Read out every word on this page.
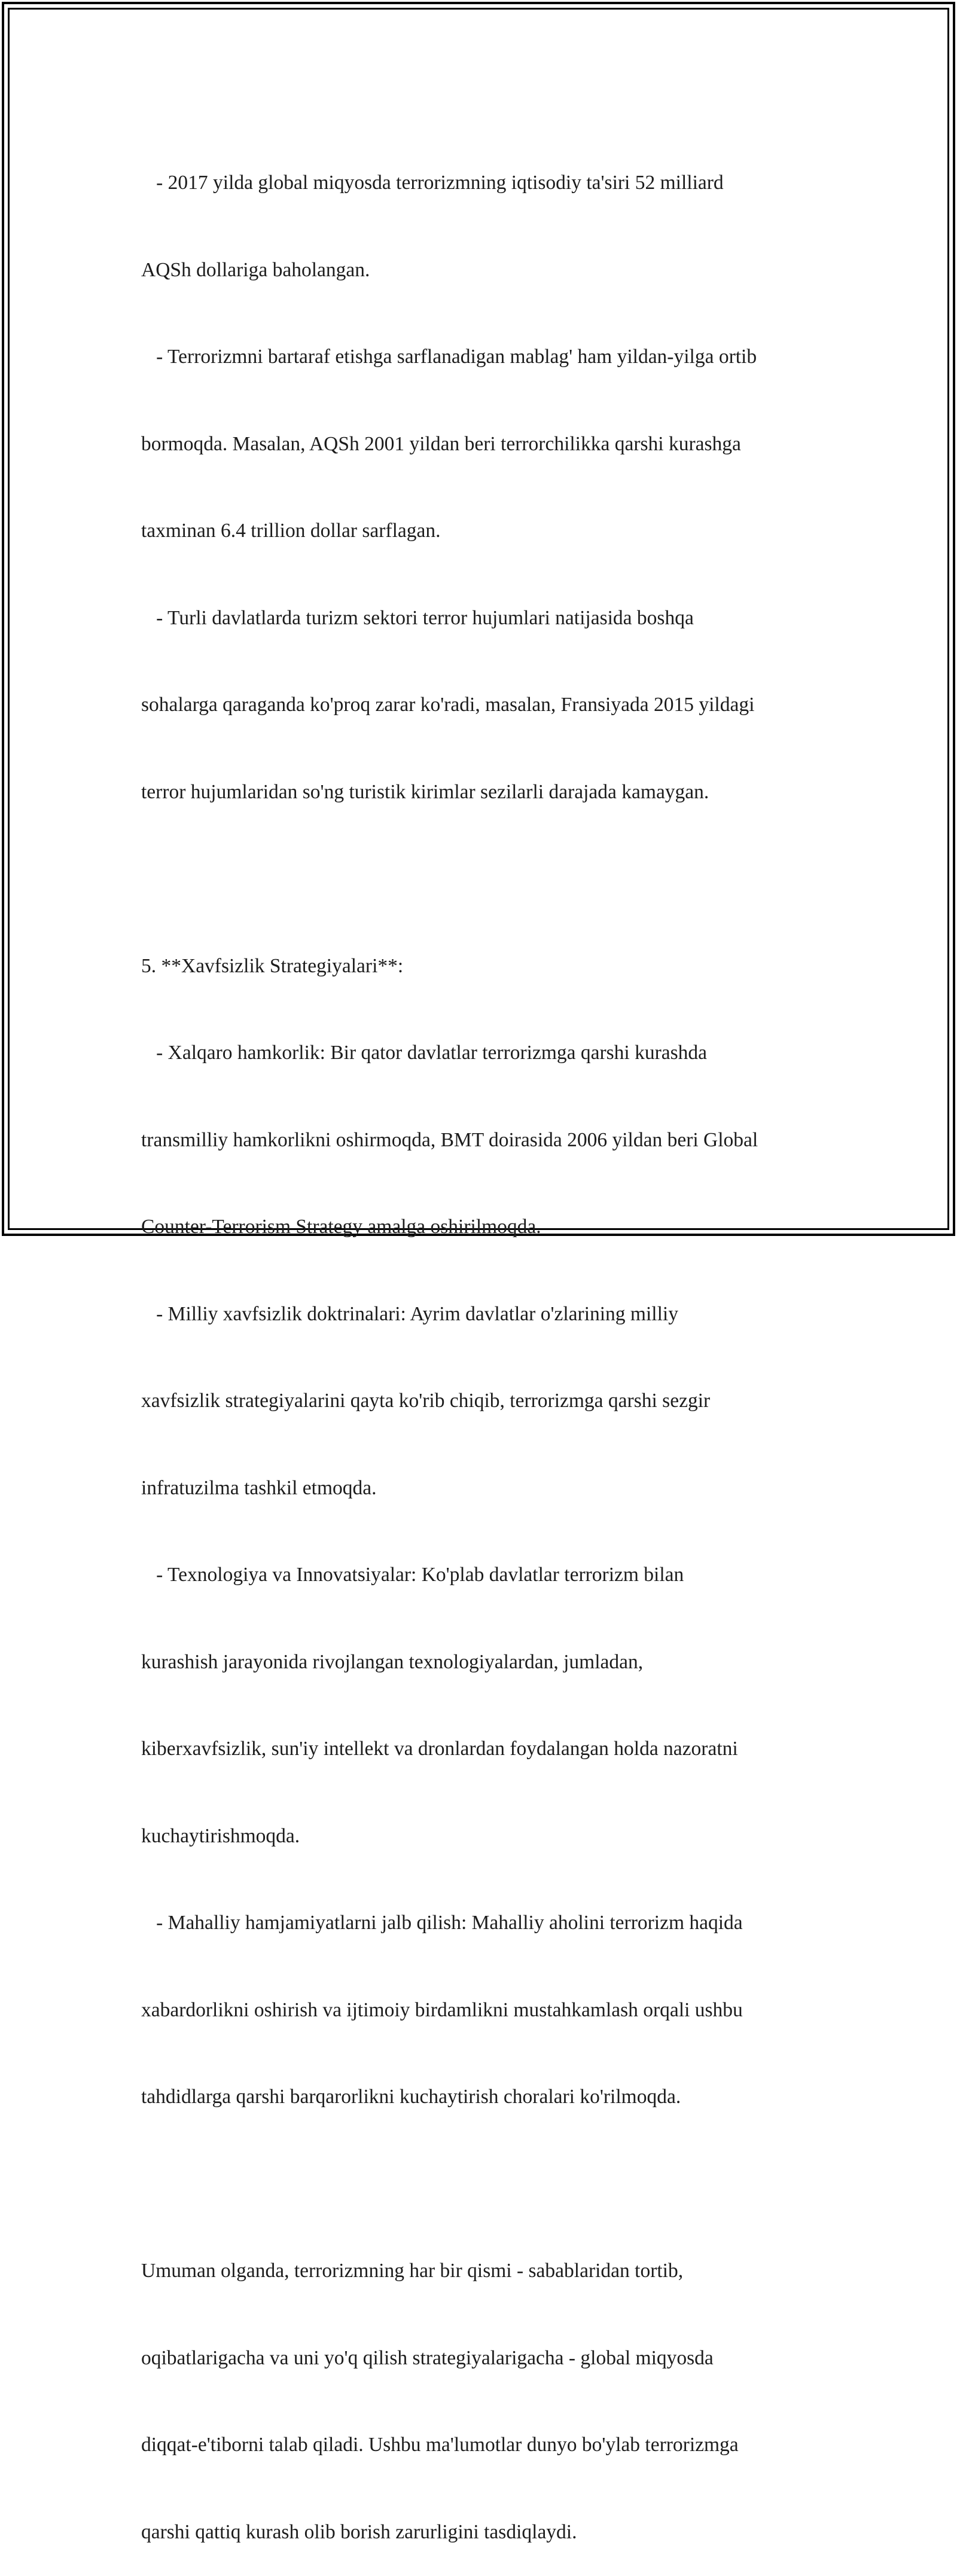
- 2017 yilda global miqyosda terrorizmning iqtisodiy ta'siri 52 milliard

AQSh dollariga baholangan.

- Terrorizmni bartaraf etishga sarflanadigan mablag' ham yildan-yilga ortib

bormoqda. Masalan, AQSh 2001 yildan beri terrorchilikka qarshi kurashga

taxminan 6.4 trillion dollar sarflagan.

- Turli davlatlarda turizm sektori terror hujumlari natijasida boshqa

sohalarga qaraganda ko'proq zarar ko'radi, masalan, Fransiyada 2015 yildagi

terror hujumlaridan so'ng turistik kirimlar sezilarli darajada kamaygan.

5. **Xavfsizlik Strategiyalari**:

- Xalqaro hamkorlik: Bir qator davlatlar terrorizmga qarshi kurashda

transmilliy hamkorlikni oshirmoqda, BMT doirasida 2006 yildan beri Global

Counter-Terrorism Strategy amalga oshirilmoqda.

- Milliy xavfsizlik doktrinalari: Ayrim davlatlar o'zlarining milliy

xavfsizlik strategiyalarini qayta ko'rib chiqib, terrorizmga qarshi sezgir

infratuzilma tashkil etmoqda.

- Texnologiya va Innovatsiyalar: Ko'plab davlatlar terrorizm bilan

kurashish jarayonida rivojlangan texnologiyalardan, jumladan,

kiberxavfsizlik, sun'iy intellekt va dronlardan foydalangan holda nazoratni

kuchaytirishmoqda.

- Mahalliy hamjamiyatlarni jalb qilish: Mahalliy aholini terrorizm haqida

xabardorlikni oshirish va ijtimoiy birdamlikni mustahkamlash orqali ushbu

tahdidlarga qarshi barqarorlikni kuchaytirish choralari ko'rilmoqda.

Umuman olganda, terrorizmning har bir qismi - sabablaridan tortib,

oqibatlarigacha va uni yo'q qilish strategiyalarigacha - global miqyosda

diqqat-e'tiborni talab qiladi. Ushbu ma'lumotlar dunyo bo'ylab terrorizmga

qarshi qattiq kurash olib borish zarurligini tasdiqlaydi.
